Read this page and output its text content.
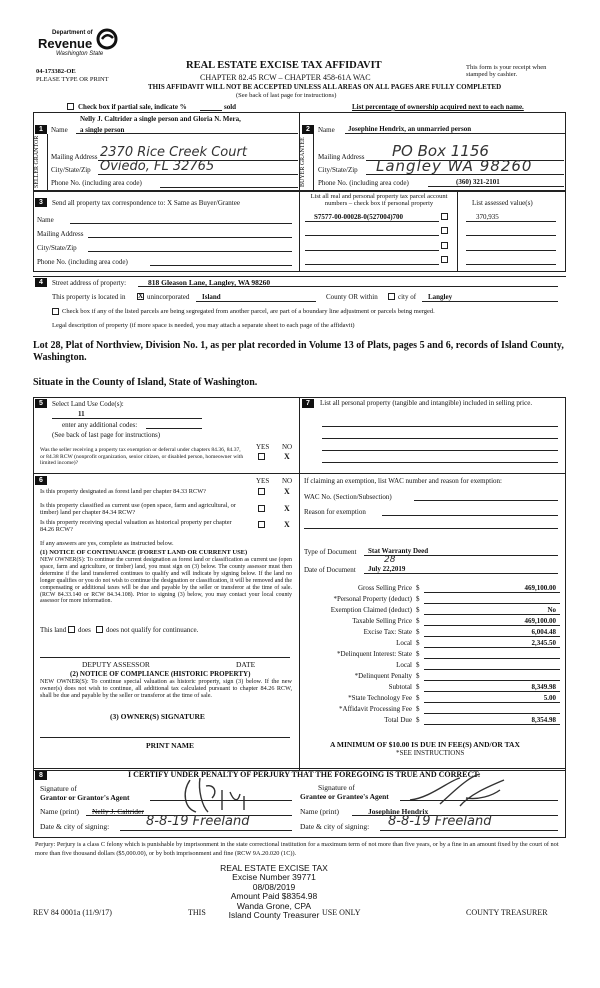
Department of
Revenue
Washington State
04-173382-OE
PLEASE TYPE OR PRINT
REAL ESTATE EXCISE TAX AFFIDAVIT
CHAPTER 82.45 RCW – CHAPTER 458-61A WAC
THIS AFFIDAVIT WILL NOT BE ACCEPTED UNLESS ALL AREAS ON ALL PAGES ARE FULLY COMPLETED
(See back of last page for instructions)
This form is your receipt when stamped by cashier.
Check box if partial sale, indicate %	sold	List percentage of ownership acquired next to each name.
SELLER GRANTOR
1
Nelly J. Caltrider a single person and Gloria N. Mera,
Name a single person
Mailing Address 2370 Rice Creek Court
City/State/Zip Oviedo, FL 32765
Phone No. (including area code)
2	Name Josephine Hendrix, an unmarried person
BUYER GRANTEE	Mailing Address PO Box 1156
City/State/Zip Langley WA 98260
Phone No. (including area code)	(360) 321-2101
3	Send all property tax correspondence to: X Same as Buyer/Grantee
Name
Mailing Address
City/State/Zip
Phone No. (including area code)
List all real and personal property tax parcel account numbers – check box if personal property	List assessed value(s)
S7577-00-00028-0(527004)700	370,935
4	Street address of property:	818 Gleason Lane, Langley, WA 98260
This property is located in X unincorporated Island	County OR within	city of Langley
Check box if any of the listed parcels are being segregated from another parcel, are part of a boundary line adjustment or parcels being merged.
Legal description of property (if more space is needed, you may attach a separate sheet to each page of the affidavit)
Lot 28, Plat of Northview, Division No. 1, as per plat recorded in Volume 13 of Plats, pages 5 and 6, records of Island County, Washington.
Situate in the County of Island, State of Washington.
5	Select Land Use Code(s):
11
enter any additional codes:
(See back of last page for instructions)
YES NO
Was the seller receiving a property tax exemption or deferral under chapters 84.36, 84.37, or 84.38 RCW (nonprofit organization, senior citizen, or disabled person, homeowner with limited income)?
X
6	YES NO
Is this property designated as forest land per chapter 84.33 RCW?	X
Is this property classified as current use (open space, farm and agricultural, or timber) land per chapter 84.34 RCW?	X
Is this property receiving special valuation as historical property per chapter 84.26 RCW?
X
If any answers are yes, complete as instructed below.
(1) NOTICE OF CONTINUANCE (FOREST LAND OR CURRENT USE)
NEW OWNER(S): To continue the current designation as forest land or classification as current use (open space, farm and agriculture, or timber) land, you must sign on (3) below. The county assessor must then determine if the land transferred continues to qualify and will indicate by signing below. If the land no longer qualifies or you do not wish to continue the designation or classification, it will be removed and the compensating or additional taxes will be due and payable by the seller or transferor at the time of sale. (RCW 84.33.140 or RCW 84.34.108). Prior to signing (3) below, you may contact your local county assessor for more information.
This land does does not qualify for continuance.
DEPUTY ASSESSOR	DATE
(2) NOTICE OF COMPLIANCE (HISTORIC PROPERTY)
NEW OWNER(S): To continue special valuation as historic property, sign (3) below. If the new owner(s) does not wish to continue, all additional tax calculated pursuant to chapter 84.26 RCW, shall be due and payable by the seller or transferor at the time of sale.
(3) OWNER(S) SIGNATURE
PRINT NAME
7	List all personal property (tangible and intangible) included in selling price.
If claiming an exemption, list WAC number and reason for exemption:
WAC No. (Section/Subsection)
Reason for exemption
Type of Document Stat Warranty Deed
Date of Document July 22,2019
28
Gross Selling Price $	469,100.00
*Personal Property (deduct) $
Exemption Claimed (deduct) $	No
Taxable Selling Price $	469,100.00
Excise Tax: State $	6,004.48
Local $	2,345.50
*Delinquent Interest: State $
Local $
*Delinquent Penalty $
Subtotal $	8,349.98
*State Technology Fee $	5.00
*Affidavit Processing Fee $
Total Due $	8,354.98
A MINIMUM OF $10.00 IS DUE IN FEE(S) AND/OR TAX
*SEE INSTRUCTIONS
8	I CERTIFY UNDER PENALTY OF PERJURY THAT THE FOREGOING IS TRUE AND CORRECT.
Signature of
Grantor or Grantor's Agent
Signature of
Grantee or Grantee's Agent
Name (print) Nelly J. Caltrider	Name (print)	Josephine Hendrix
Date & city of signing:	8-8-19 Freeland	Date & city of signing: 8-8-19 Freeland
Perjury: Perjury is a class C felony which is punishable by imprisonment in the state correctional institution for a maximum term of not more than five years, or by a fine in an amount fixed by the court of not more than five thousand dollars ($5,000.00), or by both imprisonment and fine (RCW 9A.20.020 (1C)).
REAL ESTATE EXCISE TAX
Excise Number 39771
08/08/2019
Amount Paid $8354.98
Wanda Grone, CPA
Island County Treasurer
REV 84 0001a (11/9/17)	THIS	USE ONLY	COUNTY TREASURER
